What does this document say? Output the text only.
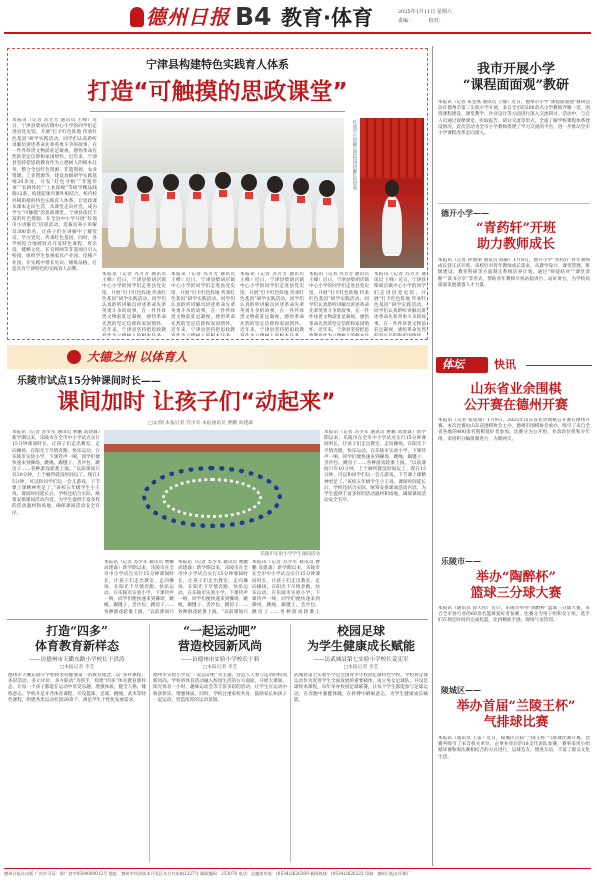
德州日报 B4 教育·体育	2025年1月11日 星期六
责编：	校对：
宁津县构建特色实践育人体系
打造“可触摸的思政课堂”
本报讯（记者 苏芳芳 通讯员 王峰）近日，宁津县柴胡店镇中心小学的同学们走进县党史馆，开展“打卡红色阵地 传承红色基因”研学实践活动。同学们认真聆听讲解员讲述革命先辈英勇斗争的故事，在一件件珍贵文物前驻足凝视，感悟革命先烈的坚定信仰和家国情怀。近年来，宁津县坚持把思政教育作为立德树人的根本任务，整合全县红色资源、非遗资源、农业资源、工业资源等，建设县级研学实践基地20余处，开发“红色寻根”“非遗传承”“农耕体验”“工业探秘”等研学精品线路12条，构建起课内课外相结合、校内校外相衔接的特色实践育人体系，让思政课从课本走向生活，从课堂走向社会，成为学生“可触摸”的思政课堂。宁津县依托丰富的红色资源，在全县中小学开展“红领巾小讲解员”培训活动，选拔培养小讲解员300余名，让孩子们在讲解中了解党史、学习党史、传承红色基因。同时，各学校结合地域特点开设特色课程，将杂技、蟋蟀文化、长官唢呐等非遗项目引入校园，组织学生参观家具产业园、电梯产业园，在实践中增长见识、锤炼品格，打造具有宁津特色的实践育人品牌。
红领巾小讲解员进校园讲解红色故事
本报讯（记者 苏芳芳 通讯员 王峰）近日，宁津县柴胡店镇中心小学的同学们走进县党史馆，开展“打卡红色阵地 传承红色基因”研学实践活动。同学们认真聆听讲解员讲述革命先辈英勇斗争的故事，在一件件珍贵文物前驻足凝视，感悟革命先烈的坚定信仰和家国情怀。近年来，宁津县坚持把思政教
本报讯（记者 苏芳芳 通讯员 王峰）近日，宁津县柴胡店镇中心小学的同学们走进县党史馆，开展“打卡红色阵地 传承红色基因”研学实践活动。同学们认真聆听讲解员讲述革命先辈英勇斗争的故事，在一件件珍贵文物前驻足凝视，感悟革命先烈的坚定信仰和家国情怀。近年来，宁津县坚持把思政教
本报讯（记者 苏芳芳 通讯员 王峰）近日，宁津县柴胡店镇中心小学的同学们走进县党史馆，开展“打卡红色阵地 传承红色基因”研学实践活动。同学们认真聆听讲解员讲述革命先辈英勇斗争的故事，在一件件珍贵文物前驻足凝视，感悟革命先烈的坚定信仰和家国情怀。近年来，宁津县坚持把思政教
本报讯（记者 苏芳芳 通讯员 王峰）近日，宁津县柴胡店镇中心小学的同学们走进县党史馆，开展“打卡红色阵地 传承红色基因”研学实践活动。同学们认真聆听讲解员讲述革命先辈英勇斗争的故事，在一件件珍贵文物前驻足凝视，感悟革命先烈的坚定信仰和家国情怀。近年来，宁津县坚持把思
本报讯（记者 苏芳芳 通讯员 王峰）近日，宁津县柴胡店镇中心小学的同学们走进县党史馆，开展“打卡红色阵地 传承红色基因”研学实践活动。同学们认真聆听讲解员讲述革命先辈英勇斗争的故事，在一件件珍贵文物前驻足凝视，感悟革命先烈
我市开展小学
“课程面面观”教研
本报讯（记者 朱金燕 通讯员 王娜）近日，德州市小学“课程面面观”教研活动在德州市第二实验小学开展。来自全市的200余名小学教师齐聚一堂，围绕课程建设、课堂教学、作业设计等方面进行深入交流研讨。活动中，与会人员通过观摩课堂、听取报告、研讨交流等形式，全面了解学校课程体系建设情况。此次活动为全市小学教师搭建了学习交流的平台，进一步推动全市小学课程改革走向深入。
德开小学——
“青药轩”开班
助力教师成长
本报讯（记者 孙朋朋 通讯员 陈静）1月8日，德开小学“青药轩”青年教师成长营正式开班。该校针对青年教师成长需求，从教学设计、课堂管理、班级建设、教育科研等方面制定系统培养计划，通过“师徒结对”“课堂诊断”“读书分享”等形式，帮助青年教师尽快站稳讲台、站好讲台，为学校高质量发展储备人才力量。
体坛	快讯
山东省业余围棋
公开赛在德州开赛
本报讯（记者 张成瑞）1月9日，2025年山东省业余围棋公开赛在德州开赛。本次比赛由山东省围棋协会主办，德州市围棋协会承办，吸引了来自全省各地的400余名围棋爱好者参加。比赛分为公开组、业余段位组和少年组，采用积分编排制进行，为期两天。
乐陵市——
举办“陶醉杯”
篮球三分球大赛
本报讯（通讯员 蒋大伟）近日，乐陵市举办“陶醉杯”篮球三分球大赛，来自全市各行业的60余名篮球爱好者参赛。比赛分为男子组和女子组，选手们在规定时间内完成投篮，比拼精准手感，现场气氛热烈。
陵城区——
举办首届“兰陵王杯”
气排球比赛
本报讯（通讯员 王雷）近日，陵城区首届“兰陵王杯”气排球比赛开赛。比赛共吸引了来自机关单位、企事业单位的18支代表队参赛，赛事采用小组循环赛和淘汰赛相结合的方式进行，以球会友，增进友谊，丰富了群众文化生活。
大德之州 以体育人
乐陵市试点15分钟课间时长——
课间加时 让孩子们“动起来”
□文/图 本报记者 苏少军 本报通讯员 曹鹏 高建森
本报讯（记者 苏少军 通讯员 曹鹏 高建森）新学期以来，乐陵市在全市中小学试点实行15分钟课间时长，让孩子们走出教室、走向操场，在阳光下尽情奔跑、快乐运动。在乐陵市实验小学，下课铃声一响，同学们便快速来到操场，跳绳、踢毽子、丢沙包、跳房子……各种游戏轮番上演。“以前课间只有10分钟，上个厕所就没时间玩了。现在15分钟，可以和同学们玩一会儿游戏，下节课上课精神更足了。”该校五年级学生小王说。课间时间延长后，学校还结合实际，统筹安排课间活动内容，为学生提供丰富多样的活动器材和场地，确保课间活动安全有序。
乐陵市实验小学学生课间活动
本报讯（记者 苏少军 通讯员 曹鹏 高建森）新学期以来，乐陵市在全市中小学试点实行15分钟课间时长，让孩子们走出教室、走向操场，在阳光下尽情奔跑、快乐运动。在乐陵市实验小学，下课铃声一响，同学们便快速来到操场，跳绳、踢毽子、丢沙包、跳房子……各种游戏轮番上演。“以前课间只
本报讯（记者 苏少军 通讯员 曹鹏 高建森）新学期以来，乐陵市在全市中小学试点实行15分钟课间时长，让孩子们走出教室、走向操场，在阳光下尽情奔跑、快乐运动。在乐陵市实验小学，下课铃声一响，同学们便快速来到操场，跳绳、踢毽子、丢沙包、跳房子……各种游戏轮番上演。“以前课间只
本报讯（记者 苏少军 通讯员 曹鹏 高建森）新学期以来，乐陵市在全市中小学试点实行15分钟课间时长，让孩子们走出教室、走向操场，在阳光下尽情奔跑、快乐运动。在乐陵市实验小学，下课铃声一响，同学们便快速来到操场，跳绳、踢毽子、丢沙包、跳房子……各种游戏轮番上
本报讯（记者 苏少军 通讯员 曹鹏 高建森）新学期以来，乐陵市在全市中小学试点实行15分钟课间时长，让孩子们走出教室、走向操场，在阳光下尽情奔跑、快乐运动。在乐陵市实验小学，下课铃声一响，同学们便快速来到操场，跳绳、踢毽子、丢沙包、跳房子……各种游戏轮番上演。“以前课间只有10分钟，上个厕所就没时间玩了。现在15分钟，可以和同学们玩一会儿游戏，下节课上课精神更足了。”该校五年级学生小王说。课间时间延长后，学校还结合实际，统筹安排课间活动内容，为学生提供丰富多样的活动器材和场地，确保课间活动安全有序。
打造“四多”
体育教育新样态
——访德州市天衢东路小学校长于洪涛
□本报记者 李艺
德州市天衢东路小学始终坚持健康第一的教育理念，以“多样课程、多彩活动、多元评价、多方联动”为抓手，构建“四多”体育教育新样态，让每一个孩子都能在运动中享受乐趣、增强体质、健全人格、锤炼意志。学校开足开齐体育课程，开设篮球、足球、跳绳、武术等特色课程，组建各类运动社团20余个，满足学生个性化发展需求。
“一起运动吧”
营造校园新风尚
——访德州市实验小学校长于莉
□本报记者 李艺
德州市实验小学以“一起运动吧”为主题，营造人人参与运动的校园新风尚。学校将体育活动融入校园生活的方方面面，开展大课间、阳光体育一小时、趣味运动会等丰富多彩的活动，让学生在运动中收获快乐、增强体质。同时，学校注重家校共育，鼓励家长和孩子一起运动，营造浓厚的运动氛围。
校园足球
为学生健康成长赋能
——访武城县第七实验小学校长姜宪军
□本报记者 李艺
武城县第七实验小学是全国青少年校园足球特色学校。学校将足球运动作为促进学生全面发展的重要载体，成立男女足球队，开设足球校本课程，每年举办校园足球联赛，让每个学生都能参与足球运动，在奔跑中强健体魄，在拼搏中磨砺意志，为学生健康成长赋能。
德州日报社出版 广告许可证：鲁广登字0504000012号 地址：德州市经济技术开发区东方红东路1227号 邮政编码：253070 电话：总编室传真：(0534)2626309 新闻热线：(0534)2626222 印刷：德州日报社印刷厂
